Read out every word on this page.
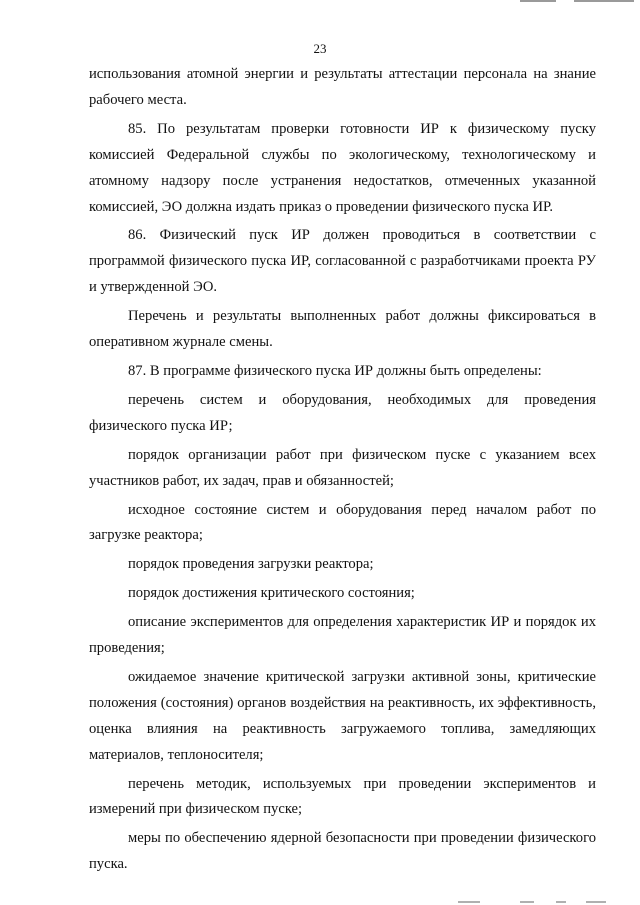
23

использования атомной энергии и результаты аттестации персонала на знание рабочего места.

85. По результатам проверки готовности ИР к физическому пуску комиссией Федеральной службы по экологическому, технологическому и атомному надзору после устранения недостатков, отмеченных указанной комиссией, ЭО должна издать приказ о проведении физического пуска ИР.

86. Физический пуск ИР должен проводиться в соответствии с программой физического пуска ИР, согласованной с разработчиками проекта РУ и утвержденной ЭО.

Перечень и результаты выполненных работ должны фиксироваться в оперативном журнале смены.

87. В программе физического пуска ИР должны быть определены:

перечень систем и оборудования, необходимых для проведения физического пуска ИР;

порядок организации работ при физическом пуске с указанием всех участников работ, их задач, прав и обязанностей;

исходное состояние систем и оборудования перед началом работ по загрузке реактора;

порядок проведения загрузки реактора;

порядок достижения критического состояния;

описание экспериментов для определения характеристик ИР и порядок их проведения;

ожидаемое значение критической загрузки активной зоны, критические положения (состояния) органов воздействия на реактивность, их эффективность, оценка влияния на реактивность загружаемого топлива, замедляющих материалов, теплоносителя;

перечень методик, используемых при проведении экспериментов и измерений при физическом пуске;

меры по обеспечению ядерной безопасности при проведении физического пуска.
